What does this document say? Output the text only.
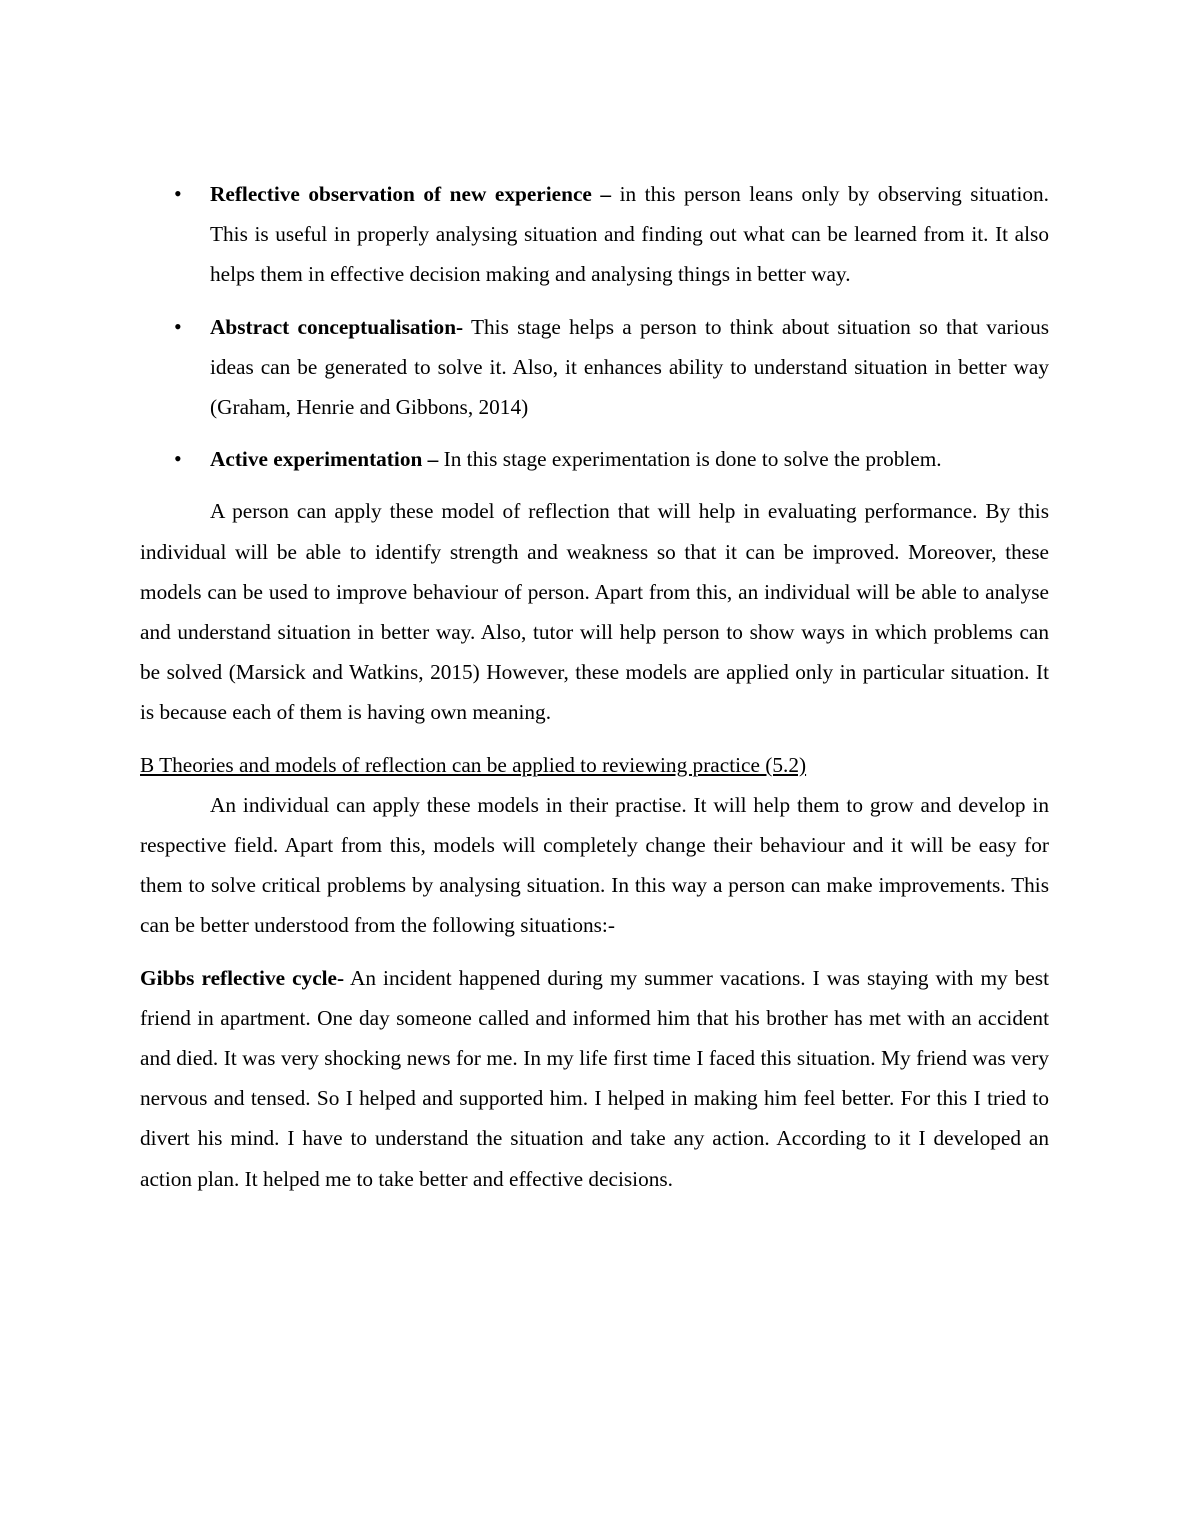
• Reflective observation of new experience – in this person leans only by observing situation. This is useful in properly analysing situation and finding out what can be learned from it. It also helps them in effective decision making and analysing things in better way.
• Abstract conceptualisation- This stage helps a person to think about situation so that various ideas can be generated to solve it. Also, it enhances ability to understand situation in better way (Graham, Henrie and Gibbons, 2014)
• Active experimentation – In this stage experimentation is done to solve the problem.

A person can apply these model of reflection that will help in evaluating performance. By this individual will be able to identify strength and weakness so that it can be improved. Moreover, these models can be used to improve behaviour of person. Apart from this, an individual will be able to analyse and understand situation in better way. Also, tutor will help person to show ways in which problems can be solved (Marsick and Watkins, 2015) However, these models are applied only in particular situation. It is because each of them is having own meaning.

B Theories and models of reflection can be applied to reviewing practice (5.2)

An individual can apply these models in their practise. It will help them to grow and develop in respective field. Apart from this, models will completely change their behaviour and it will be easy for them to solve critical problems by analysing situation. In this way a person can make improvements. This can be better understood from the following situations:-

Gibbs reflective cycle- An incident happened during my summer vacations. I was staying with my best friend in apartment. One day someone called and informed him that his brother has met with an accident and died. It was very shocking news for me. In my life first time I faced this situation. My friend was very nervous and tensed. So I helped and supported him. I helped in making him feel better. For this I tried to divert his mind. I have to understand the situation and take any action. According to it I developed an action plan. It helped me to take better and effective decisions.
